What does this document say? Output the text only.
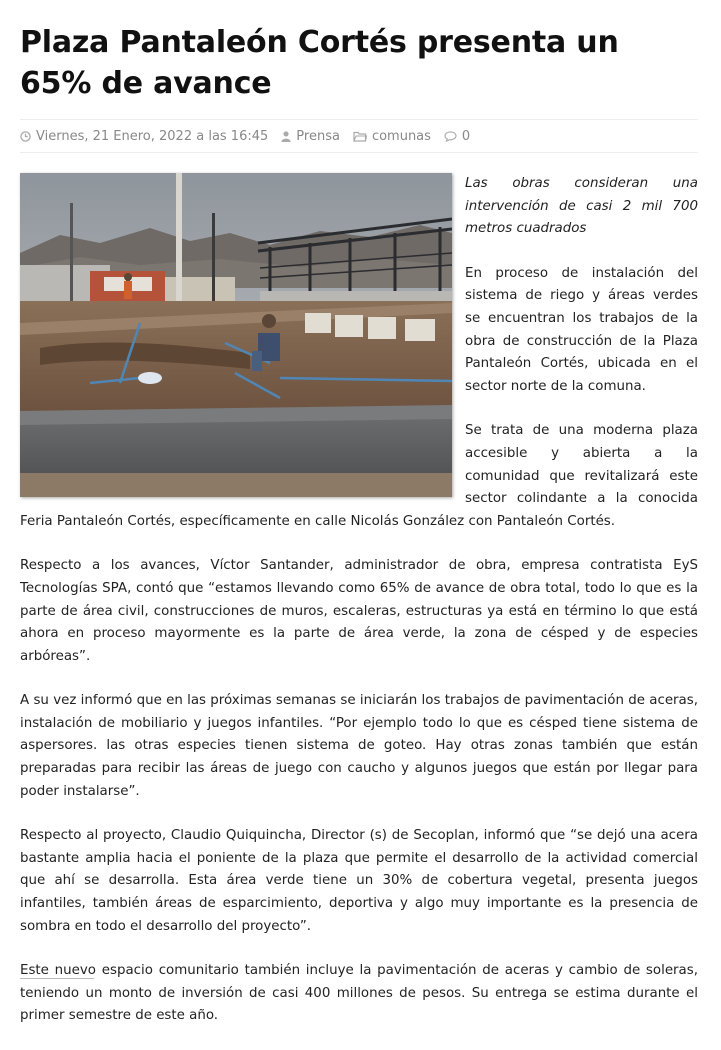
Plaza Pantaleón Cortés presenta un 65% de avance
Viernes, 21 Enero, 2022 a las 16:45 Prensa comunas 0

Las obras consideran una intervención de casi 2 mil 700 metros cuadrados

En proceso de instalación del sistema de riego y áreas verdes se encuentran los trabajos de la obra de construcción de la Plaza Pantaleón Cortés, ubicada en el sector norte de la comuna.

Se trata de una moderna plaza accesible y abierta a la comunidad que revitalizará este sector colindante a la conocida Feria Pantaleón Cortés, específicamente en calle Nicolás González con Pantaleón Cortés.

Respecto a los avances, Víctor Santander, administrador de obra, empresa contratista EyS Tecnologías SPA, contó que “estamos llevando como 65% de avance de obra total, todo lo que es la parte de área civil, construcciones de muros, escaleras, estructuras ya está en término lo que está ahora en proceso mayormente es la parte de área verde, la zona de césped y de especies arbóreas”.

A su vez informó que en las próximas semanas se iniciarán los trabajos de pavimentación de aceras, instalación de mobiliario y juegos infantiles. “Por ejemplo todo lo que es césped tiene sistema de aspersores. las otras especies tienen sistema de goteo. Hay otras zonas también que están preparadas para recibir las áreas de juego con caucho y algunos juegos que están por llegar para poder instalarse”.

Respecto al proyecto, Claudio Quiquincha, Director (s) de Secoplan, informó que “se dejó una acera bastante amplia hacia el poniente de la plaza que permite el desarrollo de la actividad comercial que ahí se desarrolla. Esta área verde tiene un 30% de cobertura vegetal, presenta juegos infantiles, también áreas de esparcimiento, deportiva y algo muy importante es la presencia de sombra en todo el desarrollo del proyecto”.

Este nuevo espacio comunitario también incluye la pavimentación de aceras y cambio de soleras, teniendo un monto de inversión de casi 400 millones de pesos. Su entrega se estima durante el primer semestre de este año.
